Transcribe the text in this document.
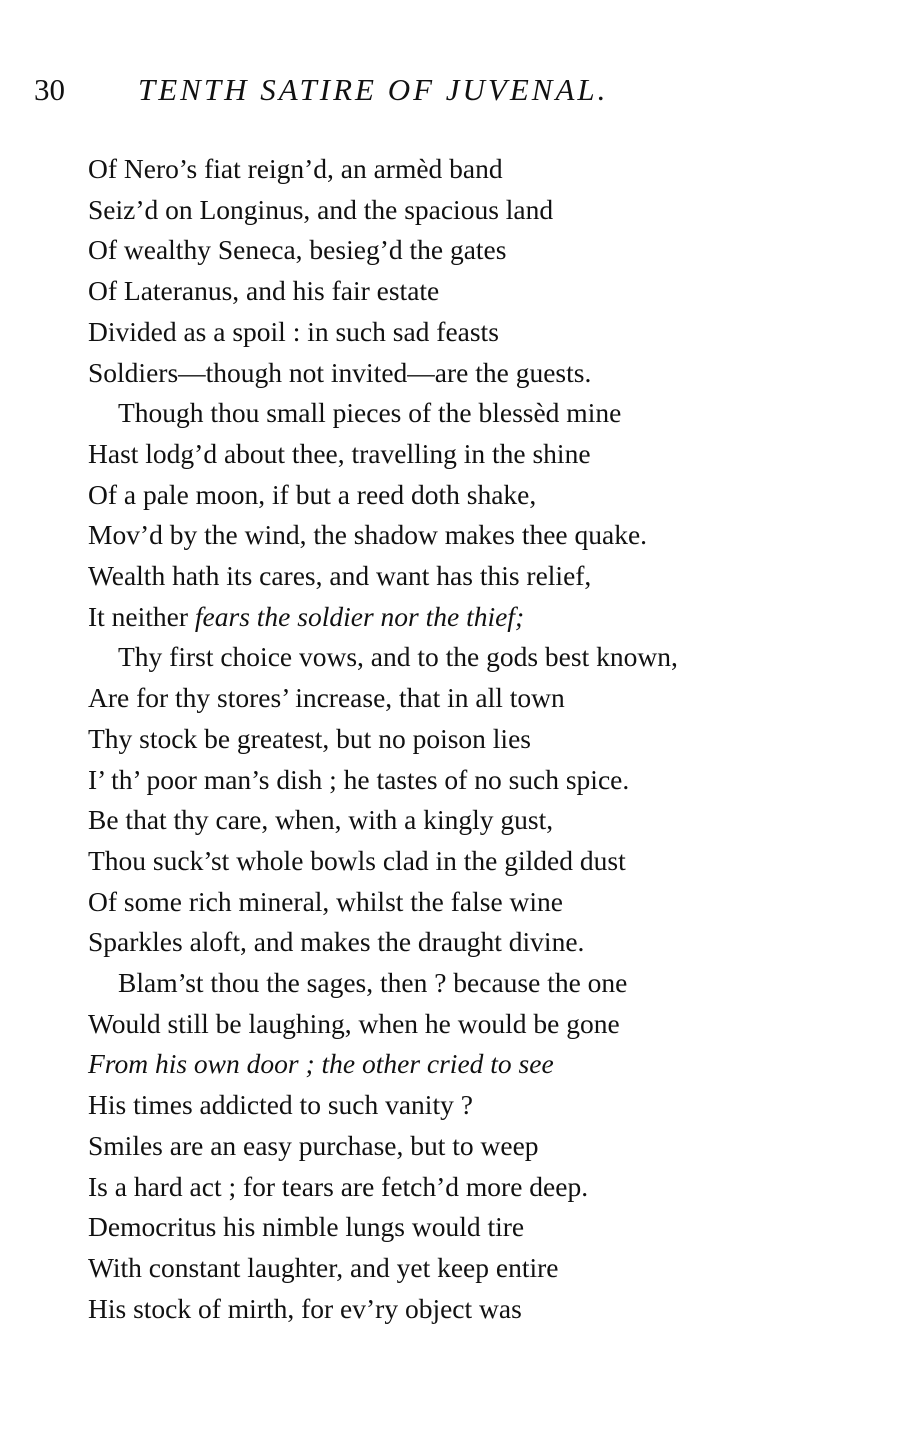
30 TENTH SATIRE OF JUVENAL.
Of Nero’s fiat reign’d, an armèd band
Seiz’d on Longinus, and the spacious land
Of wealthy Seneca, besieg’d the gates
Of Lateranus, and his fair estate
Divided as a spoil : in such sad feasts
Soldiers—though not invited—are the guests.
Though thou small pieces of the blessèd mine
Hast lodg’d about thee, travelling in the shine
Of a pale moon, if but a reed doth shake,
Mov’d by the wind, the shadow makes thee quake.
Wealth hath its cares, and want has this relief,
It neither fears the soldier nor the thief;
Thy first choice vows, and to the gods best known,
Are for thy stores’ increase, that in all town
Thy stock be greatest, but no poison lies
I’ th’ poor man’s dish ; he tastes of no such spice.
Be that thy care, when, with a kingly gust,
Thou suck’st whole bowls clad in the gilded dust
Of some rich mineral, whilst the false wine
Sparkles aloft, and makes the draught divine.
Blam’st thou the sages, then ? because the one
Would still be laughing, when he would be gone
From his own door ; the other cried to see
His times addicted to such vanity ?
Smiles are an easy purchase, but to weep
Is a hard act ; for tears are fetch’d more deep.
Democritus his nimble lungs would tire
With constant laughter, and yet keep entire
His stock of mirth, for ev’ry object was
